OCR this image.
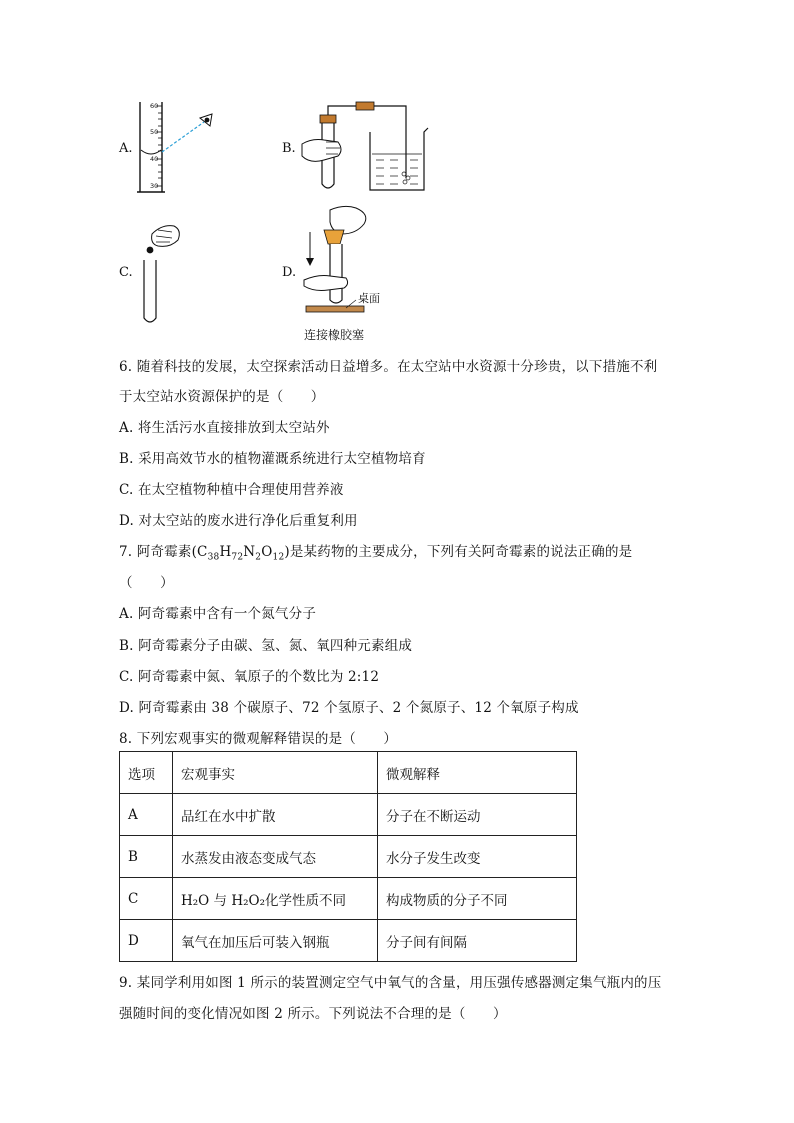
A.
60
50
40
30
B.
C.	D.
桌面
连接橡胶塞
6. 随着科技的发展，太空探索活动日益增多。在太空站中水资源十分珍贵，以下措施不利
于太空站水资源保护的是（　　）
A. 将生活污水直接排放到太空站外
B. 采用高效节水的植物灌溉系统进行太空植物培育
C. 在太空植物种植中合理使用营养液
D. 对太空站的废水进行净化后重复利用
7. 阿奇霉素$(C_{38}H_{72}N_2O_{12})$是某药物的主要成分，下列有关阿奇霉素的说法正确的是
（　　）
A. 阿奇霉素中含有一个氮气分子
B. 阿奇霉素分子由碳、氢、氮、氧四种元素组成
C. 阿奇霉素中氮、氧原子的个数比为 2:12
D. 阿奇霉素由 38 个碳原子、72 个氢原子、2 个氮原子、12 个氧原子构成
8. 下列宏观事实的微观解释错误的是（　　）
选项	宏观事实	微观解释
A	品红在水中扩散	分子在不断运动
B	水蒸发由液态变成气态	水分子发生改变
C	H₂O 与 H₂O₂化学性质不同	构成物质的分子不同
D	氧气在加压后可装入钢瓶	分子间有间隔
9. 某同学利用如图 1 所示的装置测定空气中氧气的含量，用压强传感器测定集气瓶内的压
强随时间的变化情况如图 2 所示。下列说法不合理的是（　　）
